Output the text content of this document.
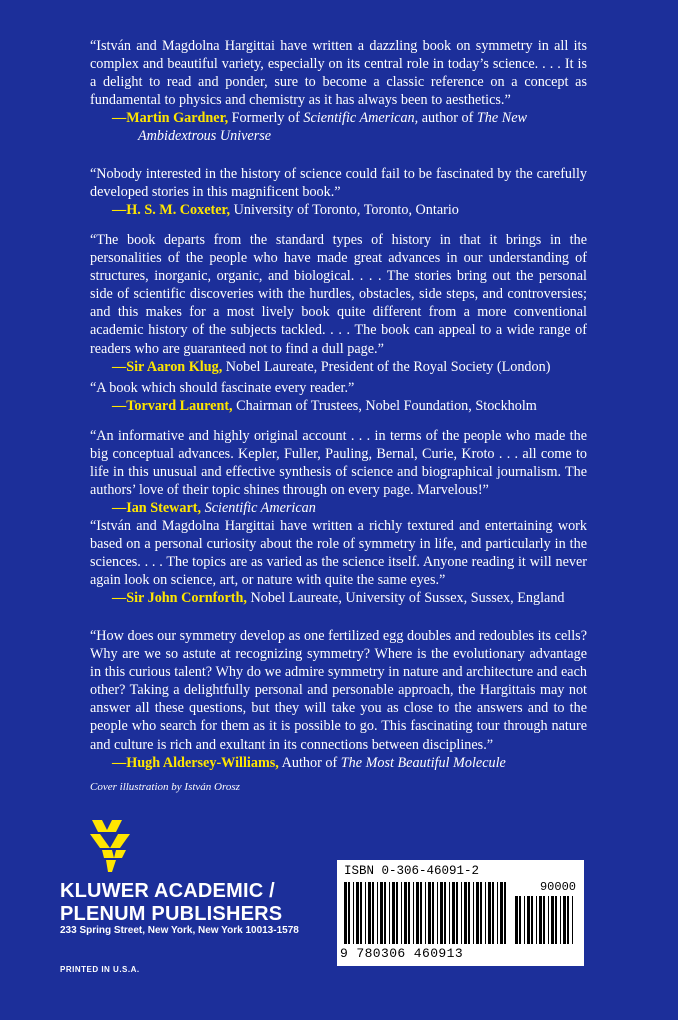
“István and Magdolna Hargittai have written a dazzling book on symmetry in all its complex and beautiful variety, especially on its central role in today’s science. . . . It is a delight to read and ponder, sure to become a classic reference on a concept as fundamental to physics and chemistry as it has always been to aesthetics.”

—Martin Gardner, Formerly of Scientific American, author of The New Ambidextrous Universe

“Nobody interested in the history of science could fail to be fascinated by the carefully developed stories in this magnificent book.”

—H. S. M. Coxeter, University of Toronto, Toronto, Ontario

“The book departs from the standard types of history in that it brings in the personalities of the people who have made great advances in our understanding of structures, inorganic, organic, and biological. . . . The stories bring out the personal side of scientific discoveries with the hurdles, obstacles, side steps, and controversies; and this makes for a most lively book quite different from a more conventional academic history of the subjects tackled. . . . The book can appeal to a wide range of readers who are guaranteed not to find a dull page.”

—Sir Aaron Klug, Nobel Laureate, President of the Royal Society (London)

“A book which should fascinate every reader.”

—Torvard Laurent, Chairman of Trustees, Nobel Foundation, Stockholm

“An informative and highly original account . . . in terms of the people who made the big conceptual advances. Kepler, Fuller, Pauling, Bernal, Curie, Kroto . . . all come to life in this unusual and effective synthesis of science and biographical journalism. The authors’ love of their topic shines through on every page. Marvelous!”

—Ian Stewart, Scientific American

“István and Magdolna Hargittai have written a richly textured and entertaining work based on a personal curiosity about the role of symmetry in life, and particularly in the sciences. . . . The topics are as varied as the science itself. Anyone reading it will never again look on science, art, or nature with quite the same eyes.”

—Sir John Cornforth, Nobel Laureate, University of Sussex, Sussex, England

“How does our symmetry develop as one fertilized egg doubles and redoubles its cells? Why are we so astute at recognizing symmetry? Where is the evolutionary advantage in this curious talent? Why do we admire symmetry in nature and architecture and each other? Taking a delightfully personal and personable approach, the Hargittais may not answer all these questions, but they will take you as close to the answers and to the people who search for them as it is possible to go. This fascinating tour through nature and culture is rich and exultant in its connections between disciplines.”

—Hugh Aldersey-Williams, Author of The Most Beautiful Molecule
Cover illustration by István Orosz
KLUWER ACADEMIC /
PLENUM PUBLISHERS
233 Spring Street, New York, New York 10013-1578
PRINTED IN U.S.A.
ISBN 0-306-46091-2
90000
9 780306 460913
